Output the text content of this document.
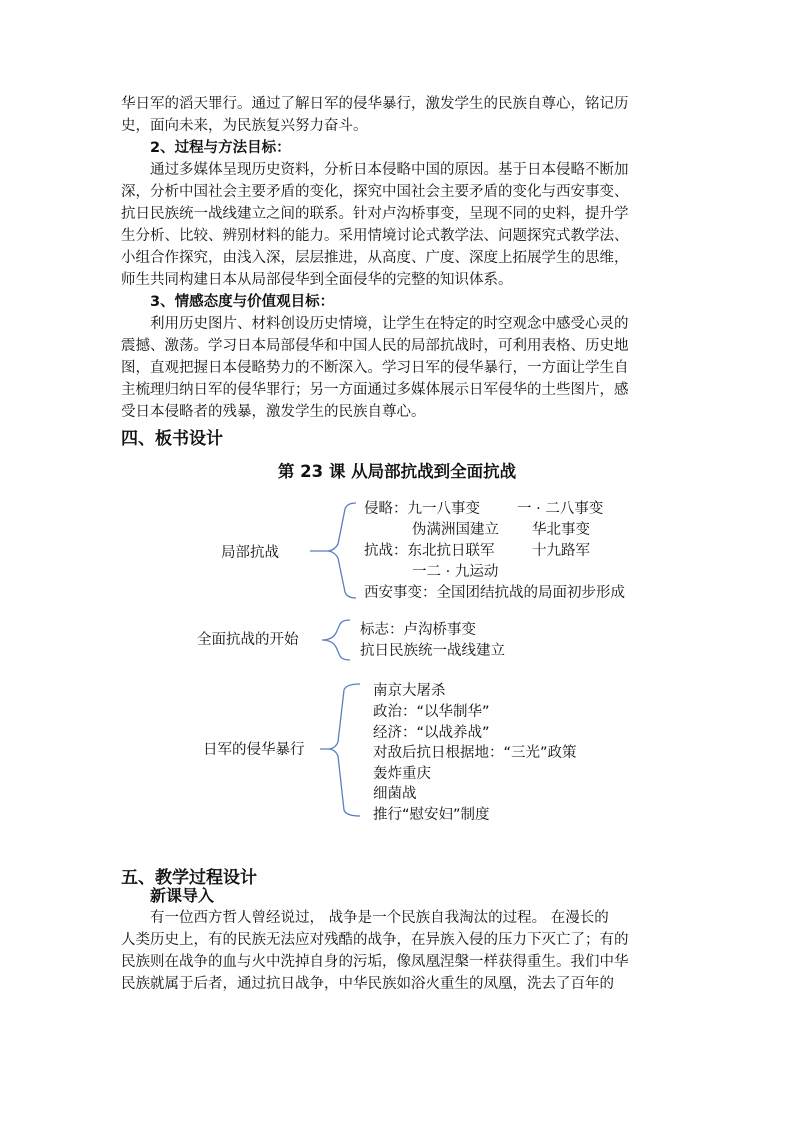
华日军的滔天罪行。通过了解日军的侵华暴行，激发学生的民族自尊心，铭记历
史，面向未来，为民族复兴努力奋斗。
2、过程与方法目标：
通过多媒体呈现历史资料，分析日本侵略中国的原因。基于日本侵略不断加
深，分析中国社会主要矛盾的变化，探究中国社会主要矛盾的变化与西安事变、
抗日民族统一战线建立之间的联系。针对卢沟桥事变，呈现不同的史料，提升学
生分析、比较、辨别材料的能力。采用情境讨论式教学法、问题探究式教学法、
小组合作探究，由浅入深，层层推进，从高度、广度、深度上拓展学生的思维，
师生共同构建日本从局部侵华到全面侵华的完整的知识体系。
3、情感态度与价值观目标：
利用历史图片、材料创设历史情境，让学生在特定的时空观念中感受心灵的
震撼、激荡。学习日本局部侵华和中国人民的局部抗战时，可利用表格、历史地
图，直观把握日本侵略势力的不断深入。学习日军的侵华暴行，一方面让学生自
主梳理归纳日军的侵华罪行；另一方面通过多媒体展示日军侵华的土些图片，感
受日本侵略者的残暴，激发学生的民族自尊心。
四、板书设计
第 23 课 从局部抗战到全面抗战
局部抗战
侵略：九一八事变	一 · 二八事变
伪满洲国建立 华北事变
抗战：东北抗日联军	十九路军
一二 · 九运动
西安事变：全国团结抗战的局面初步形成
全面抗战的开始
标志：卢沟桥事变
抗日民族统一战线建立
日军的侵华暴行
南京大屠杀
政治：“以华制华”
经济：“以战养战”
对敌后抗日根据地：“三光”政策
轰炸重庆
细菌战
推行“慰安妇”制度
五、教学过程设计
新课导入
有一位西方哲人曾经说过， 战争是一个民族自我淘汰的过程。 在漫长的
人类历史上，有的民族无法应对残酷的战争，在异族入侵的压力下灭亡了；有的
民族则在战争的血与火中洗掉自身的污垢，像凤凰涅槃一样获得重生。我们中华
民族就属于后者，通过抗日战争，中华民族如浴火重生的凤凰，洗去了百年的
